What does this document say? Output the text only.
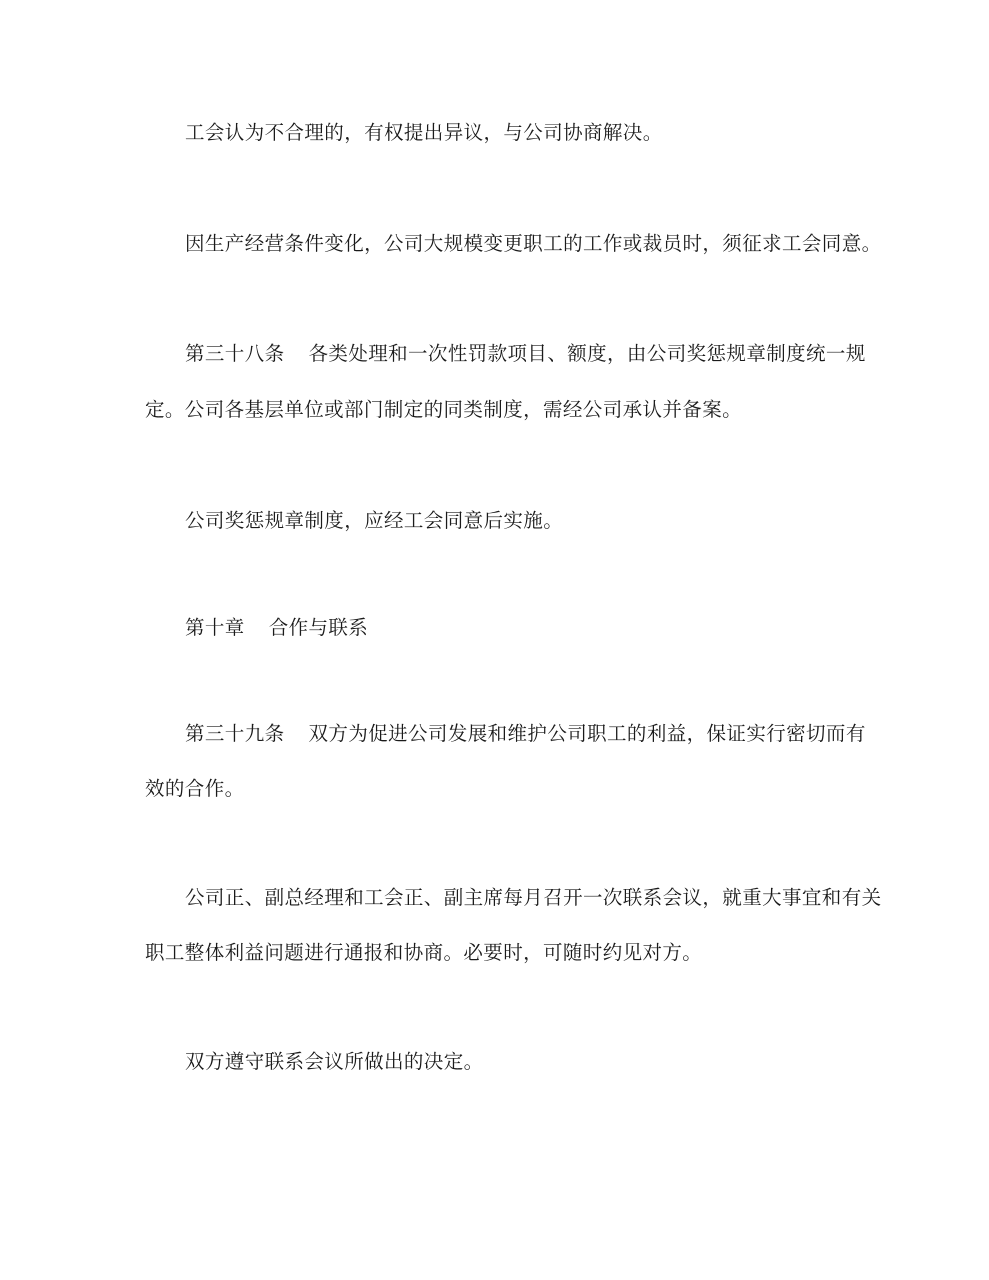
工会认为不合理的，有权提出异议，与公司协商解决。
因生产经营条件变化，公司大规模变更职工的工作或裁员时，须征求工会同意。
第三十八条 各类处理和一次性罚款项目、额度，由公司奖惩规章制度统一规
定。公司各基层单位或部门制定的同类制度，需经公司承认并备案。
公司奖惩规章制度，应经工会同意后实施。
第十章 合作与联系
第三十九条 双方为促进公司发展和维护公司职工的利益，保证实行密切而有
效的合作。
公司正、副总经理和工会正、副主席每月召开一次联系会议，就重大事宜和有关
职工整体利益问题进行通报和协商。必要时，可随时约见对方。
双方遵守联系会议所做出的决定。
